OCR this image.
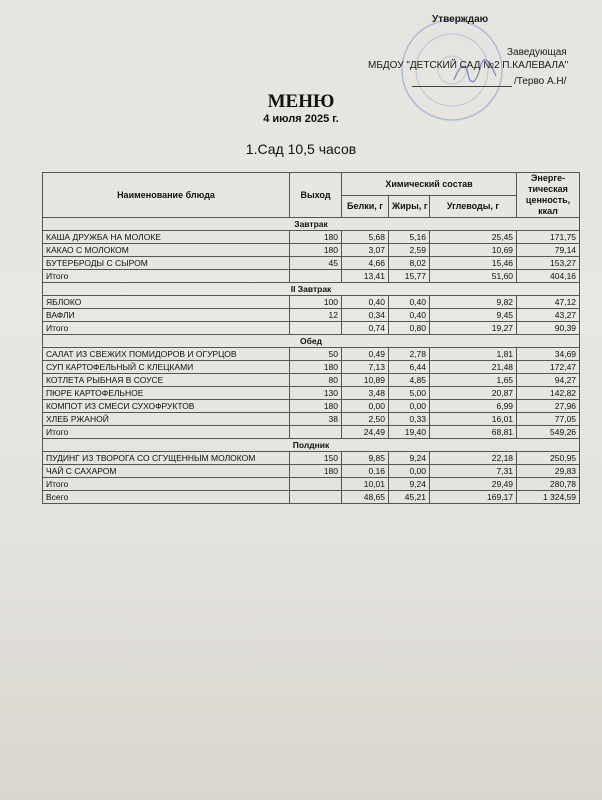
Утверждаю
Заведующая
МБДОУ "ДЕТСКИЙ САД №2 П.КАЛЕВАЛА"
/Терво А.Н/
МЕНЮ
4 июля 2025 г.
1.Сад 10,5 часов
Наименование блюда	Выход	Химический состав			Энерге-тическая ценность, ккал
		Белки, г	Жиры, г	Углеводы, г	
Завтрак					
КАША ДРУЖБА НА МОЛОКЕ	180	5,68	5,16	25,45	171,75
КАКАО С МОЛОКОМ	180	3,07	2,59	10,69	79,14
БУТЕРБРОДЫ С СЫРОМ	45	4,66	8,02	15,46	153,27
Итого		13,41	15,77	51,60	404,16
II Завтрак					
ЯБЛОКО	100	0,40	0,40	9,82	47,12
ВАФЛИ	12	0,34	0,40	9,45	43,27
Итого		0,74	0,80	19,27	90,39
Обед					
САЛАТ ИЗ СВЕЖИХ ПОМИДОРОВ И ОГУРЦОВ	50	0,49	2,78	1,81	34,69
СУП КАРТОФЕЛЬНЫЙ С КЛЕЦКАМИ	180	7,13	6,44	21,48	172,47
КОТЛЕТА РЫБНАЯ В СОУСЕ	80	10,89	4,85	1,65	94,27
ПЮРЕ КАРТОФЕЛЬНОЕ	130	3,48	5,00	20,87	142,82
КОМПОТ ИЗ СМЕСИ СУХОФРУКТОВ	180	0,00	0,00	6,99	27,96
ХЛЕБ РЖАНОЙ	38	2,50	0,33	16,01	77,05
Итого		24,49	19,40	68,81	549,26
Полдник					
ПУДИНГ ИЗ ТВОРОГА СО СГУЩЕННЫМ МОЛОКОМ	150	9,85	9,24	22,18	250,95
ЧАЙ С САХАРОМ	180	0,16	0,00	7,31	29,83
Итого		10,01	9,24	29,49	280,78
Всего		48,65	45,21	169,17	1 324,59
